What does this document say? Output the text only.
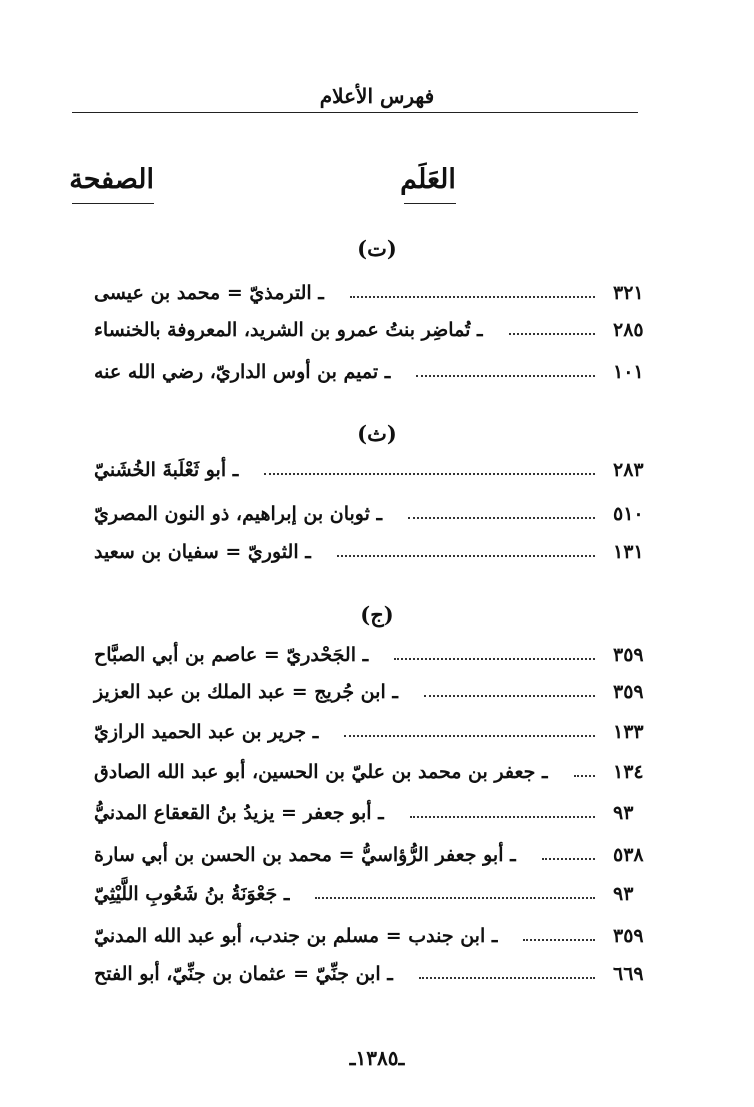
فهرس الأعلام
العَلَم
الصفحة
(ت)
ـ الترمذيّ = محمد بن عيسى	٣٢١
ـ تُماضِر بنتُ عمرو بن الشريد، المعروفة بالخنساء	٢٨٥
ـ تميم بن أوس الداريّ، رضي الله عنه	١٠١
(ث)
ـ أبو ثَعْلَبةَ الخُشَنيّ	٢٨٣
ـ ثوبان بن إبراهيم، ذو النون المصريّ	٥١٠
ـ الثوريّ = سفيان بن سعيد	١٣١
(ج)
ـ الجَحْدريّ = عاصم بن أبي الصبَّاح	٣٥٩
ـ ابن جُريج = عبد الملك بن عبد العزيز	٣٥٩
ـ جرير بن عبد الحميد الرازيّ	١٣٣
ـ جعفر بن محمد بن عليّ بن الحسين، أبو عبد الله الصادق	١٣٤
ـ أبو جعفر = يزيدُ بنُ القعقاع المدنيُّ	٩٣
ـ أبو جعفر الرُّؤاسيُّ = محمد بن الحسن بن أبي سارة	٥٣٨
ـ جَعْوَنَةُ بنُ شَعُوبِ اللَّيْثِيّ	٩٣
ـ ابن جندب = مسلم بن جندب، أبو عبد الله المدنيّ	٣٥٩
ـ ابن جنِّيّ = عثمان بن جنِّيّ، أبو الفتح	٦٦٩
ـ١٣٨٥ـ
